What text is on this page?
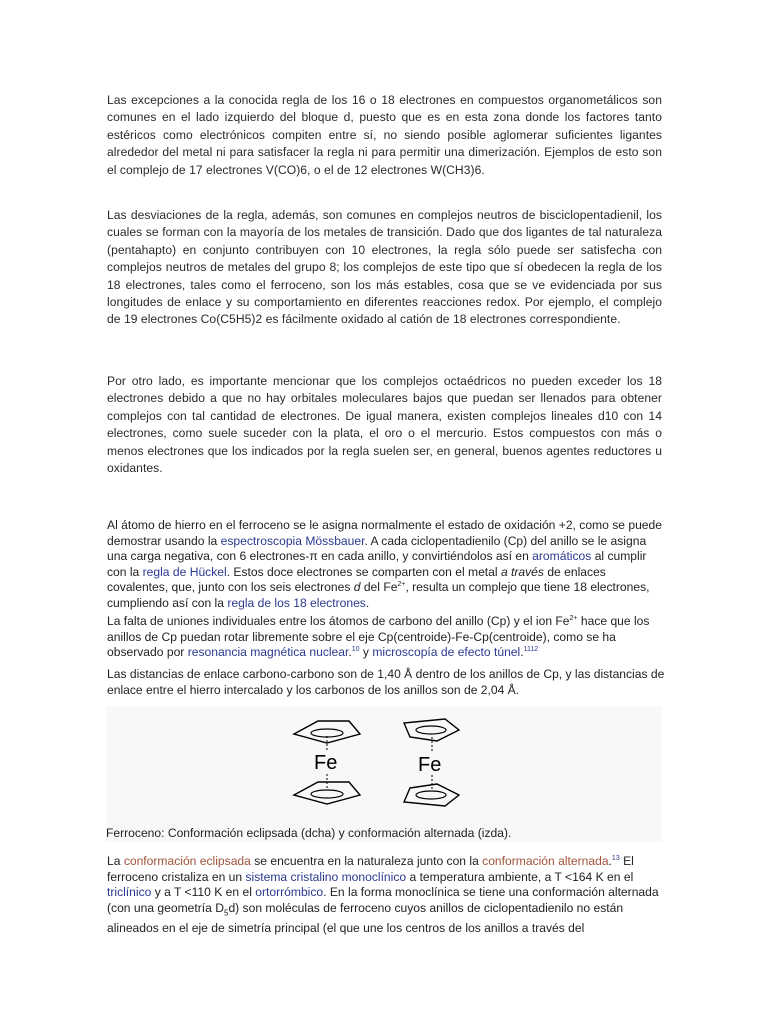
Las excepciones a la conocida regla de los 16 o 18 electrones en compuestos organometálicos son comunes en el lado izquierdo del bloque d, puesto que es en esta zona donde los factores tanto estéricos como electrónicos compiten entre sí, no siendo posible aglomerar suficientes ligantes alrededor del metal ni para satisfacer la regla ni para permitir una dimerización. Ejemplos de esto son el complejo de 17 electrones V(CO)6, o el de 12 electrones W(CH3)6.
Las desviaciones de la regla, además, son comunes en complejos neutros de bisciclopentadienil, los cuales se forman con la mayoría de los metales de transición. Dado que dos ligantes de tal naturaleza (pentahapto) en conjunto contribuyen con 10 electrones, la regla sólo puede ser satisfecha con complejos neutros de metales del grupo 8; los complejos de este tipo que sí obedecen la regla de los 18 electrones, tales como el ferroceno, son los más estables, cosa que se ve evidenciada por sus longitudes de enlace y su comportamiento en diferentes reacciones redox. Por ejemplo, el complejo de 19 electrones Co(C5H5)2 es fácilmente oxidado al catión de 18 electrones correspondiente.
Por otro lado, es importante mencionar que los complejos octaédricos no pueden exceder los 18 electrones debido a que no hay orbitales moleculares bajos que puedan ser llenados para obtener complejos con tal cantidad de electrones. De igual manera, existen complejos lineales d10 con 14 electrones, como suele suceder con la plata, el oro o el mercurio. Estos compuestos con más o menos electrones que los indicados por la regla suelen ser, en general, buenos agentes reductores u oxidantes.
Al átomo de hierro en el ferroceno se le asigna normalmente el estado de oxidación +2, como se puede demostrar usando la espectroscopia Mössbauer. A cada ciclopentadienilo (Cp) del anillo se le asigna una carga negativa, con 6 electrones-π en cada anillo, y convirtiéndolos así en aromáticos al cumplir con la regla de Hückel. Estos doce electrones se comparten con el metal a través de enlaces covalentes, que, junto con los seis electrones d del $Fe^{2+}$, resulta un complejo que tiene 18 electrones, cumpliendo así con la regla de los 18 electrones.
La falta de uniones individuales entre los átomos de carbono del anillo (Cp) y el ion $Fe^{2+}$ hace que los anillos de Cp puedan rotar libremente sobre el eje Cp(centroide)-Fe-Cp(centroide), como se ha observado por resonancia magnética nuclear.$^{10}$ y microscopía de efecto túnel.$^{1112}$
Las distancias de enlace carbono-carbono son de 1,40 Å dentro de los anillos de Cp, y las distancias de enlace entre el hierro intercalado y los carbonos de los anillos son de 2,04 Å.
Fe	Fe
Ferroceno: Conformación eclipsada (dcha) y conformación alternada (izda).
La conformación eclipsada se encuentra en la naturaleza junto con la conformación alternada.$^{13}$ El ferroceno cristaliza en un sistema cristalino monoclínico a temperatura ambiente, a T <164 K en el triclínico y a T <110 K en el ortorrómbico. En la forma monoclínica se tiene una conformación alternada (con una geometría $D_5d$) son moléculas de ferroceno cuyos anillos de ciclopentadienilo no están alineados en el eje de simetría principal (el que une los centros de los anillos a través del
